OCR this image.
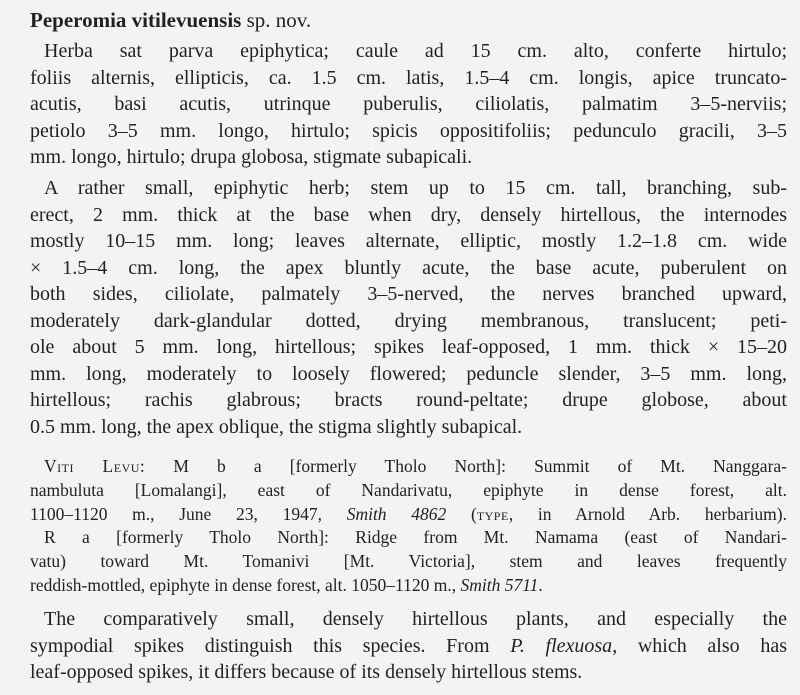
Peperomia vitilevuensis sp. nov.
Herba sat parva epiphytica; caule ad 15 cm. alto, conferte hirtulo;
foliis alternis, ellipticis, ca. 1.5 cm. latis, 1.5–4 cm. longis, apice truncato-
acutis, basi acutis, utrinque puberulis, ciliolatis, palmatim 3–5-nerviis;
petiolo 3–5 mm. longo, hirtulo; spicis oppositifoliis; pedunculo gracili, 3–5
mm. longo, hirtulo; drupa globosa, stigmate subapicali.
A rather small, epiphytic herb; stem up to 15 cm. tall, branching, sub-
erect, 2 mm. thick at the base when dry, densely hirtellous, the internodes
mostly 10–15 mm. long; leaves alternate, elliptic, mostly 1.2–1.8 cm. wide
× 1.5–4 cm. long, the apex bluntly acute, the base acute, puberulent on
both sides, ciliolate, palmately 3–5-nerved, the nerves branched upward,
moderately dark-glandular dotted, drying membranous, translucent; peti-
ole about 5 mm. long, hirtellous; spikes leaf-opposed, 1 mm. thick × 15–20
mm. long, moderately to loosely flowered; peduncle slender, 3–5 mm. long,
hirtellous; rachis glabrous; bracts round-peltate; drupe globose, about
0.5 mm. long, the apex oblique, the stigma slightly subapical.
Viti Levu: M b a [formerly Tholo North]: Summit of Mt. Nanggara-
nambuluta [Lomalangi], east of Nandarivatu, epiphyte in dense forest, alt.
1100–1120 m., June 23, 1947, Smith 4862 (type, in Arnold Arb. herbarium).
R a [formerly Tholo North]: Ridge from Mt. Namama (east of Nandari-
vatu) toward Mt. Tomanivi [Mt. Victoria], stem and leaves frequently
reddish-mottled, epiphyte in dense forest, alt. 1050–1120 m., Smith 5711.
The comparatively small, densely hirtellous plants, and especially the
sympodial spikes distinguish this species. From P. flexuosa, which also has
leaf-opposed spikes, it differs because of its densely hirtellous stems.
